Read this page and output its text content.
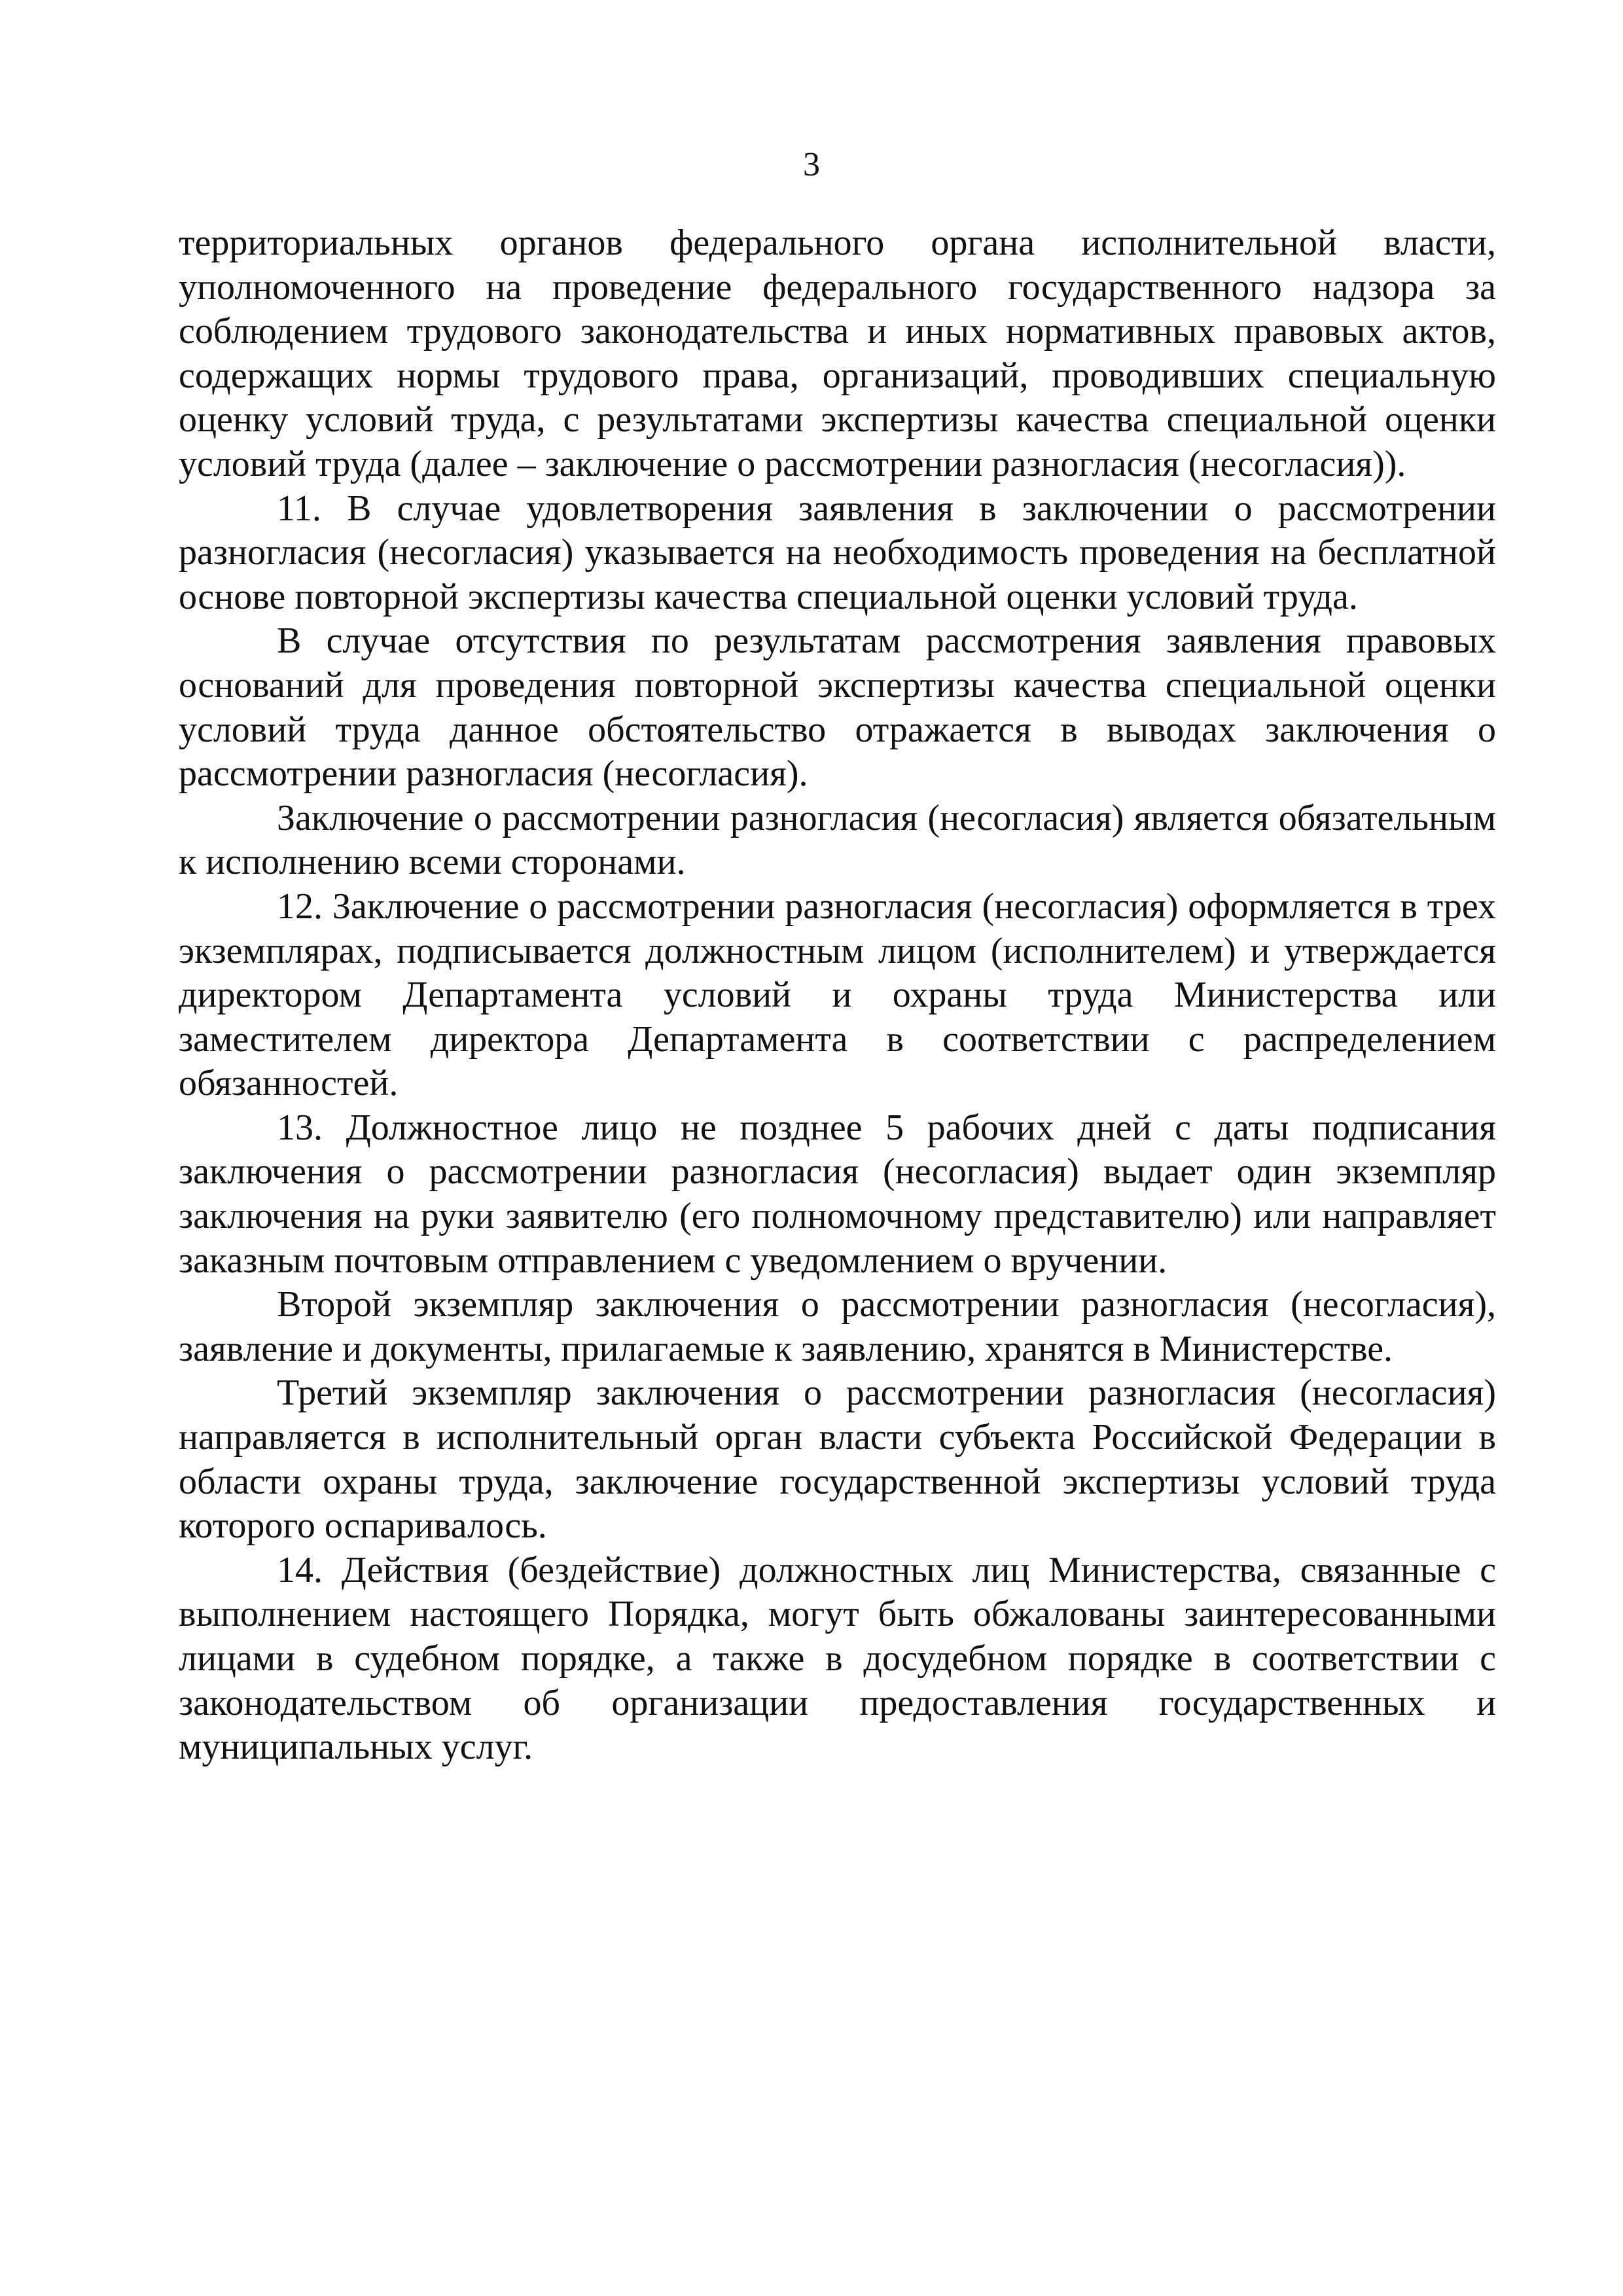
3

территориальных органов федерального органа исполнительной власти, уполномоченного на проведение федерального государственного надзора за соблюдением трудового законодательства и иных нормативных правовых актов, содержащих нормы трудового права, организаций, проводивших специальную оценку условий труда, с результатами экспертизы качества специальной оценки условий труда (далее – заключение о рассмотрении разногласия (несогласия)).

11. В случае удовлетворения заявления в заключении о рассмотрении разногласия (несогласия) указывается на необходимость проведения на бесплатной основе повторной экспертизы качества специальной оценки условий труда.

В случае отсутствия по результатам рассмотрения заявления правовых оснований для проведения повторной экспертизы качества специальной оценки условий труда данное обстоятельство отражается в выводах заключения о рассмотрении разногласия (несогласия).

Заключение о рассмотрении разногласия (несогласия) является обязательным к исполнению всеми сторонами.

12. Заключение о рассмотрении разногласия (несогласия) оформляется в трех экземплярах, подписывается должностным лицом (исполнителем) и утверждается директором Департамента условий и охраны труда Министерства или заместителем директора Департамента в соответствии с распределением обязанностей.

13. Должностное лицо не позднее 5 рабочих дней с даты подписания заключения о рассмотрении разногласия (несогласия) выдает один экземпляр заключения на руки заявителю (его полномочному представителю) или направляет заказным почтовым отправлением с уведомлением о вручении.

Второй экземпляр заключения о рассмотрении разногласия (несогласия), заявление и документы, прилагаемые к заявлению, хранятся в Министерстве.

Третий экземпляр заключения о рассмотрении разногласия (несогласия) направляется в исполнительный орган власти субъекта Российской Федерации в области охраны труда, заключение государственной экспертизы условий труда которого оспаривалось.

14. Действия (бездействие) должностных лиц Министерства, связанные с выполнением настоящего Порядка, могут быть обжалованы заинтересованными лицами в судебном порядке, а также в досудебном порядке в соответствии с законодательством об организации предоставления государственных и муниципальных услуг.
